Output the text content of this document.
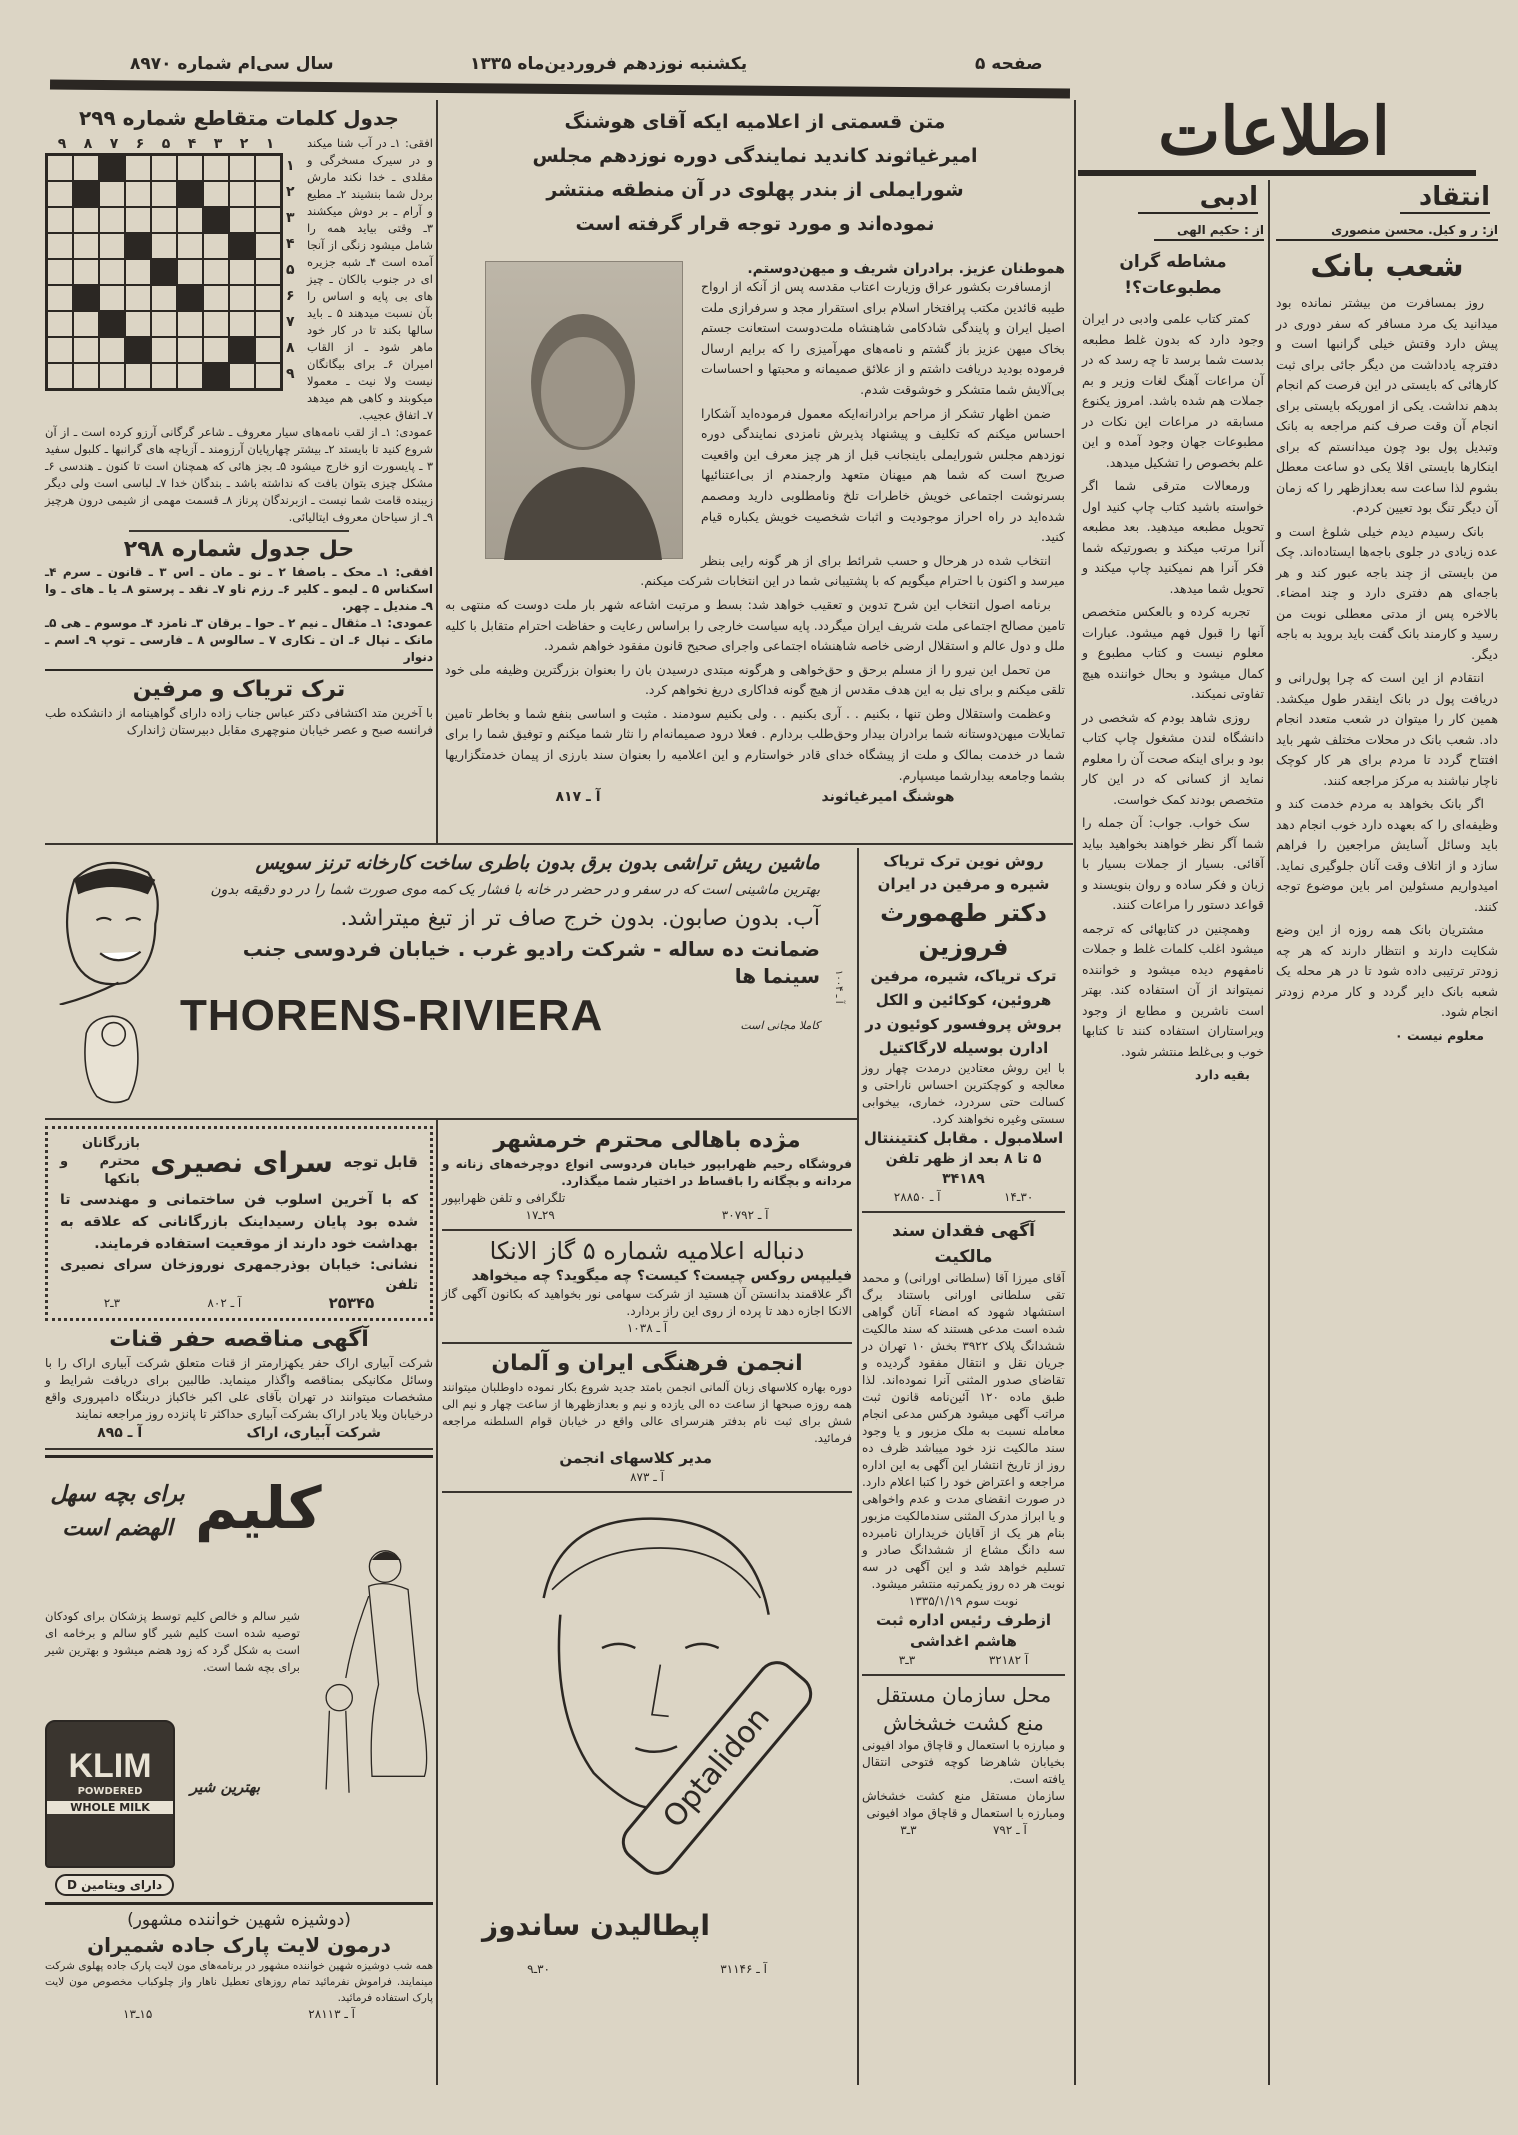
سال سی‌ام شماره ۸۹۷۰	یکشنبه نوزدهم فروردین‌ماه ۱۳۳۵	صفحه ۵
اطلاعات
انتقاد
از: ر و کیل. محسن منصوری
شعب بانک

روز بمسافرت من بیشتر نمانده بود میدانید یک مرد مسافر که سفر دوری در پیش دارد وقتش خیلی گرانبها است و دفترچه یادداشت من دیگر جائی برای ثبت کارهائی که بایستی در این فرصت کم انجام بدهم نداشت. یکی از اموریکه بایستی برای انجام آن وقت صرف کنم مراجعه به بانک وتبدیل پول بود چون میدانستم که برای اینکارها بایستی اقلا یکی دو ساعت معطل بشوم لذا ساعت سه بعدازظهر را که زمان آن دیگر تنگ بود تعیین کردم.

بانک رسیدم دیدم خیلی شلوغ است و عده زیادی در جلوی باجه‌ها ایستاده‌اند. چک من بایستی از چند باجه عبور کند و هر باجه‌ای هم دفتری دارد و چند امضاء. بالاخره پس از مدتی معطلی نوبت من رسید و کارمند بانک گفت باید بروید به باجه دیگر.

انتقادم از این است که چرا پول‌رانی و دریافت پول در بانک اینقدر طول میکشد. همین کار را میتوان در شعب متعدد انجام داد. شعب بانک در محلات مختلف شهر باید افتتاح گردد تا مردم برای هر کار کوچک ناچار نباشند به مرکز مراجعه کنند.

اگر بانک بخواهد به مردم خدمت کند و وظیفه‌ای را که بعهده دارد خوب انجام دهد باید وسائل آسایش مراجعین را فراهم سازد و از اتلاف وقت آنان جلوگیری نماید. امیدواریم مسئولین امر باین موضوع توجه کنند.

مشتریان بانک همه روزه از این وضع شکایت دارند و انتظار دارند که هر چه زودتر ترتیبی داده شود تا در هر محله یک شعبه بانک دایر گردد و کار مردم زودتر انجام شود.

معلوم نیست ۰

ادبی
از : حکیم الهی
مشاطه گران مطبوعات؟!

کمتر کتاب علمی وادبی در ایران وجود دارد که بدون غلط مطبعه بدست شما برسد تا چه رسد که در آن مراعات آهنگ لغات وزیر و بم جملات هم شده باشد. امروز یکنوع مسابقه در مراعات این نکات در مطبوعات جهان وجود آمده و این علم بخصوص را تشکیل میدهد.

ورمعالات مترقی شما اگر خواسته باشید کتاب چاپ کنید اول تحویل مطبعه میدهید. بعد مطبعه آنرا مرتب میکند و بصورتیکه شما فکر آنرا هم نمیکنید چاپ میکند و تحویل شما میدهد.

تجربه کرده و بالعکس متخصص آنها را قبول فهم میشود. عبارات معلوم نیست و کتاب مطبوع و کمال میشود و بحال خواننده هیچ تفاوتی نمیکند.

روزی شاهد بودم که شخصی در دانشگاه لندن مشغول چاپ کتاب بود و برای اینکه صحت آن را معلوم نماید از کسانی که در این کار متخصص بودند کمک خواست.

سک خواب. جواب: آن جمله را شما آگر نظر خواهند بخواهید بیاید آقائی. بسیار از جملات بسیار با زبان و فکر ساده و روان بنویسند و قواعد دستور را مراعات کنند.

وهمچنین در کتابهائی که ترجمه میشود اغلب کلمات غلط و جملات نامفهوم دیده میشود و خواننده نمیتواند از آن استفاده کند. بهتر است ناشرین و مطابع از وجود ویراستاران استفاده کنند تا کتابها خوب و بی‌غلط منتشر شود.

بقیه دارد

متن قسمتی از اعلامیه ایکه آقای هوشنگ امیرغیاثوند کاندید نمایندگی دوره نوزدهم مجلس شورایملی از بندر پهلوی در آن منطقه منتشر نموده‌اند و مورد توجه قرار گرفته است
هموطنان عزیز. برادران شریف و میهن‌دوستم.

ازمسافرت بکشور عراق وزیارت اعتاب مقدسه پس از آنکه از ارواح طیبه قائدین مکتب پرافتخار اسلام برای استقرار مجد و سرفرازی ملت اصیل ایران و پایندگی شادکامی شاهنشاه ملت‌دوست استعانت جستم بخاک میهن عزیز باز گشتم و نامه‌های مهرآمیزی را که برایم ارسال فرموده بودید دریافت داشتم و از علائق صمیمانه و محبتها و احساسات بی‌آلایش شما متشکر و خوشوقت شدم.

ضمن اظهار تشکر از مراحم برادرانه‌ایکه معمول فرموده‌اید آشکارا احساس میکنم که تکلیف و پیشنهاد پذیرش نامزدی نمایندگی دوره نوزدهم مجلس شورایملی باینجانب قبل از هر چیز معرف این واقعیت صریح است که شما هم میهنان متعهد وارجمندم از بی‌اعتنائیها بسرنوشت اجتماعی خویش خاطرات تلخ ونامطلوبی دارید ومصمم شده‌اید در راه احراز موجودیت و اثبات شخصیت خویش یکباره قیام کنید.

انتخاب شده در هرحال و حسب شرائط برای از هر گونه رایی بنظر میرسد و اکنون با احترام میگویم که با پشتیبانی شما در این انتخابات شرکت میکنم.

برنامه اصول انتخاب این شرح تدوین و تعقیب خواهد شد: بسط و مرتبت اشاعه شهر بار ملت دوست که منتهی به تامین مصالح اجتماعی ملت شریف ایران میگردد. پایه سیاست خارجی را براساس رعایت و حفاظت احترام متقابل با کلیه ملل و دول عالم و استقلال ارضی خاصه شاهنشاه اجتماعی واجرای صحیح قانون مفقود خواهم شمرد.

من تحمل این نیرو را از مسلم برحق و حق‌خواهی و هرگونه مبتدی درسیدن بان را بعنوان بزرگترین وظیفه ملی خود تلقی میکنم و برای نیل به این هدف مقدس از هیچ گونه فداکاری دریغ نخواهم کرد.

وعظمت واستقلال وطن تنها ، بکنیم . . آری بکنیم . . ولی بکنیم سودمند . مثبت و اساسی بنفع شما و بخاطر تامین تمایلات میهن‌دوستانه شما برادران بیدار وحق‌طلب بردارم . فعلا درود صمیمانه‌ام را نثار شما میکنم و توفیق شما را برای شما در خدمت بمالک و ملت از پیشگاه خدای قادر خواستارم و این اعلامیه را بعنوان سند بارزی از پیمان خدمتگزاریها بشما وجامعه بیدارشما میسپارم.

هوشنگ امیرغیاثوند
آ ـ ۸۱۷
جدول کلمات متقاطع شماره ۲۹۹
۱
۲
۳
۴
۵
۶
۷
۸
۹
۱
۲
۳
۴
۵
۶
۷
۸
۹
افقی: ۱ـ در آب شنا میکند و در سیرک مسخرگی و مقلدی ـ خدا نکند مارش بردل شما بنشیند ۲ـ مطیع و آرام ـ بر دوش میکشند ۳ـ وقتی بیاید همه را شامل میشود زنگی از آنجا آمده است ۴ـ شبه جزیره ای در جنوب بالکان ـ چیز های بی پایه و اساس را بآن نسبت میدهند ۵ ـ باید سالها بکند تا در کار خود ماهر شود ـ از القاب امیران ۶ـ برای بیگانگان نیست ولا نیت ـ معمولا میکوبند و کاهی هم میدهد ۷ـ اتفاق عجیب.
عمودی: ۱ـ از لقب نامه‌های سیار معروف ـ شاعر گرگانی آرزو کرده است ـ از آن شروع کنید تا بایستد ۲ـ بیشتر چهارپایان آرزومند ـ آزیاچه های گرانبها ـ کلبول سفید ۳ ـ پایسورت ازو خارج میشود ۵ـ بجز هائی که همچنان است تا کنون ـ هندسی ۶ـ مشکل چیزی بتوان بافت که نداشته باشد ـ بندگان خدا ۷ـ لباسی است ولی دیگر زیبنده قامت شما نیست ـ ازبرندگان پرناز ۸ـ قسمت مهمی از شیمی درون هرچیز ۹ـ از سیاحان معروف ایتالیائی.
حل جدول شماره ۲۹۸
افقی: ۱ـ محک ـ باصفا ۲ ـ نو ـ مان ـ اس ۳ ـ قانون ـ سرم ۴ـ اسکناس ۵ ـ لیمو ـ کلیر ۶ـ رزم ناو ۷ـ نقد ـ پرستو ۸ـ یا ـ های ـ وا ۹ـ مندیل ـ چهر.
عمودی: ۱ـ مثقال ـ نیم ۲ ـ حوا ـ برقان ۳ـ نامزد ۴ـ موسوم ـ هی ۵ـ مانک ـ نپال ۶ـ ان ـ نکاری ۷ ـ سالوس ۸ ـ فارسی ـ توپ ۹ـ اسم ـ دنوار
ترک تریاک و مرفین
با آخرین متد اکتشافی دکتر عباس جناب زاده دارای گواهینامه از دانشکده طب فرانسه صبح و عصر خیابان منوچهری مقابل دبیرستان ژاندارک
ماشین ریش تراشی بدون برق بدون باطری ساخت کارخانه ترنز سویس
بهترین ماشینی است که در سفر و در حضر در خانه با فشار یک کمه موی صورت شما را در دو دقیقه بدون
آب. بدون صابون. بدون خرج صاف تر از تیغ میتراشد.
ضمانت ده ساله - شرکت رادیو غرب . خیابان فردوسی جنب سینما ها
THORENS-RIVIERA	کاملا مجانی است
آ ـ ۱۰۰۴
روش نوین ترک تریاک شیره و مرفین در ایران
دکتر طهمورث فروزین
ترک تریاک، شیره، مرفین هروئین، کوکائین و الکل بروش پروفسور کوئیون در ادارن بوسیله لارگاکتیل
با این روش معتادین درمدت چهار روز معالجه و کوچکترین احساس ناراحتی و کسالت حتی سردرد، خماری، بیخوابی سستی وغیره نخواهند کرد.
اسلامبول . مقابل کنتیننتال
۵ تا ۸ بعد از ظهر تلفن ۳۴۱۸۹
۳۰ـ۱۴
آ ـ ۲۸۸۵۰
آگهی فقدان سند مالکیت
آقای میرزا آقا (سلطانی اورانی) و محمد تقی سلطانی اورانی باستناد برگ استشهاد شهود که امضاء آنان گواهی شده است مدعی هستند که سند مالکیت ششدانگ پلاک ۳۹۲۲ بخش ۱۰ تهران در جریان نقل و انتقال مفقود گردیده و تقاضای صدور المثنی آنرا نموده‌اند. لذا طبق ماده ۱۲۰ آئین‌نامه قانون ثبت مراتب آگهی میشود هرکس مدعی انجام معامله نسبت به ملک مزبور و یا وجود سند مالکیت نزد خود میباشد ظرف ده روز از تاریخ انتشار این آگهی به این اداره مراجعه و اعتراض خود را کتبا اعلام دارد. در صورت انقضای مدت و عدم واخواهی و یا ابراز مدرک المثنی سندمالکیت مزبور بنام هر یک از آقایان خریداران نامبرده سه دانگ مشاع از ششدانگ صادر و تسلیم خواهد شد و این آگهی در سه نوبت هر ده روز یکمرتبه منتشر میشود.
نوبت سوم ۱۳۳۵/۱/۱۹
ازطرف رئیس اداره ثبت
هاشم اغداشی
آ ۳۲۱۸۲
۳ـ۳
محل سازمان مستقل منع کشت خشخاش
و مبارزه با استعمال و قاچاق مواد افیونی بخیابان شاهرضا کوچه فتوحی انتقال یافته است.
سازمان مستقل منع کشت خشخاش ومبارزه با استعمال و قاچاق مواد افیونی
آ ـ ۷۹۲
۳ـ۳
قابل توجه
سرای نصیری
بازرگانان محترم و بانکها
که با آخرین اسلوب فن ساختمانی و مهندسی تا شده بود پایان رسیداینک بازرگانانی که علاقه به بهداشت خود دارند از موقعیت استفاده فرمایند.
نشانی: خیابان بوذرجمهری نوروزخان سرای نصیری تلفن
۲۵۳۴۵
آ ـ ۸۰۲
۳ـ۲
آگهی مناقصه حفر قنات
شرکت آبیاری اراک حفر یکهزارمتر از قنات متعلق شرکت آبیاری اراک را با وسائل مکانیکی بمناقصه واگذار مینماید. طالبین برای دریافت شرایط و مشخصات میتوانند در تهران بآقای علی اکبر خاکباز دربنگاه دامپروری واقع درخیابان ویلا یادر اراک بشرکت آبیاری حداکثر تا پانزده روز مراجعه نمایند
شرکت آبیاری، اراک
آ ـ ۸۹۵
برای بچه سهل الهضم است کلیم
شیر سالم و خالص کلیم توسط پزشکان برای کودکان توصیه شده است کلیم شیر گاو سالم و برخامه ای است به شکل گرد که زود هضم میشود و بهترین شیر برای بچه شما است.
KLIM
POWDERED
WHOLE MILK
دارای ویتامین D
بهترین شیر
(دوشیزه شهین خواننده مشهور)
درمون لایت پارک جاده شمیران
همه شب دوشیزه شهین خواننده مشهور در برنامه‌های مون لایت پارک جاده پهلوی شرکت مینمایند. فراموش نفرمائید تمام روزهای تعطیل ناهار واز چلوکباب مخصوص مون لایت پارک استفاده فرمائید.
آ ـ ۲۸۱۱۳
۱۵ـ۱۳
مژده باهالی محترم خرمشهر
فروشگاه رحیم ظهرابپور خیابان فردوسی انواع دوچرخه‌های زنانه و مردانه و بچگانه را باقساط در اختیار شما میگذارد.
تلگرافی و تلفن ظهرابپور
آ ـ ۳۰۷۹۲
۲۹ـ۱۷
دنباله اعلامیه شماره ۵ گاز الانکا
فیلیپس روکس چیست؟ کیست؟ چه میگوید؟ چه میخواهد
اگر علاقمند بدانستن آن هستید از شرکت سهامی نور بخواهید که بکانون آگهی گاز الانکا اجازه دهد تا پرده از روی این راز بردارد.
آ ـ ۱۰۳۸
انجمن فرهنگی ایران و آلمان
دوره بهاره کلاسهای زبان آلمانی انجمن بامتد جدید شروع بکار نموده داوطلبان میتوانند همه روزه صبحها از ساعت ده الی یازده و نیم و بعدازظهرها از ساعت چهار و نیم الی شش برای ثبت نام بدفتر هنرسرای عالی واقع در خیابان قوام السلطنه مراجعه فرمائید.
مدیر کلاسهای انجمن
آ ـ ۸۷۳
Optalidon
اپطالیدن ساندوز
آ ـ ۳۱۱۴۶
۳۰ـ۹
